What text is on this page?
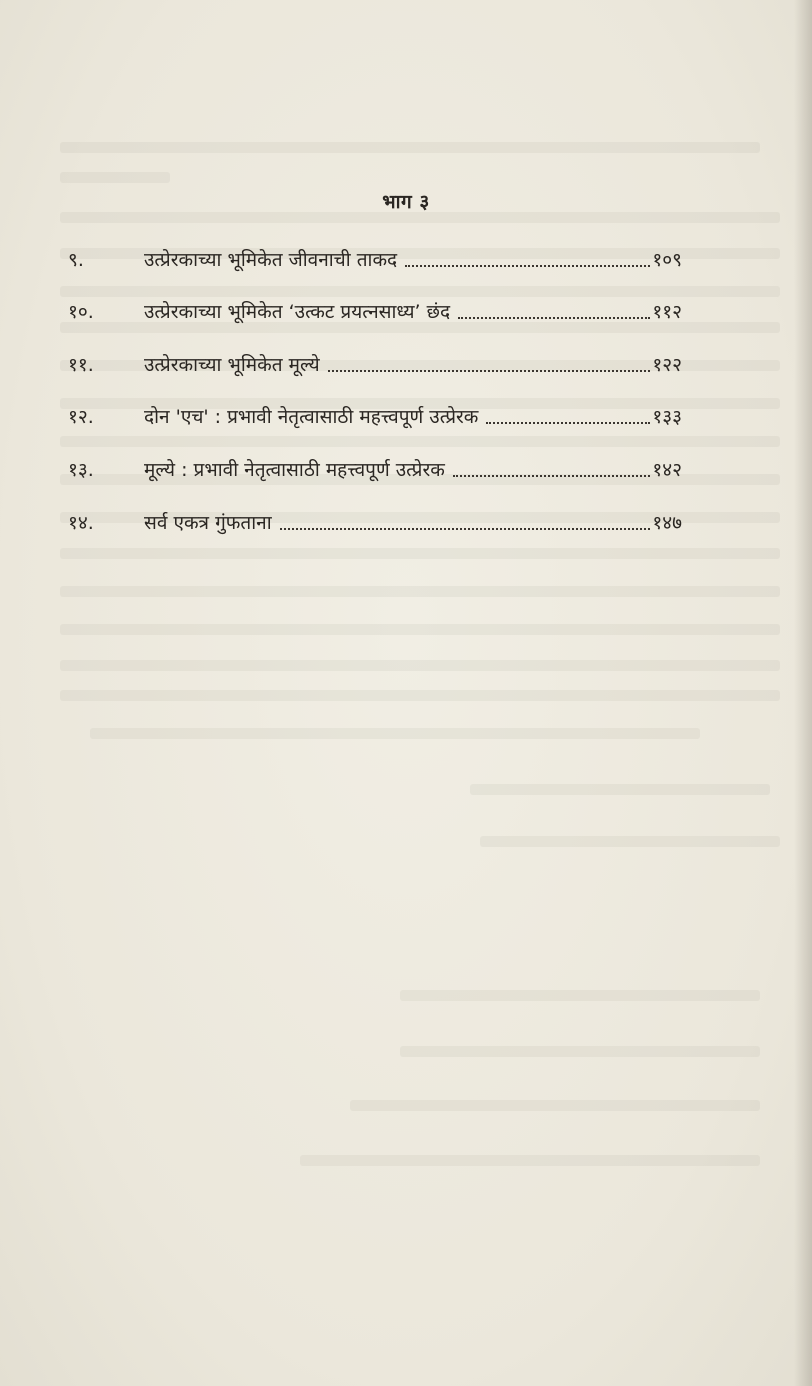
भाग ३
९.	उत्प्रेरकाच्या भूमिकेत जीवनाची ताकद	१०९
१०.	उत्प्रेरकाच्या भूमिकेत ‘उत्कट प्रयत्नसाध्य’ छंद	११२
११.	उत्प्रेरकाच्या भूमिकेत मूल्ये	१२२
१२.	दोन 'एच' : प्रभावी नेतृत्वासाठी महत्त्वपूर्ण उत्प्रेरक	१३३
१३.	मूल्ये : प्रभावी नेतृत्वासाठी महत्त्वपूर्ण उत्प्रेरक	१४२
१४.	सर्व एकत्र गुंफताना	१४७
